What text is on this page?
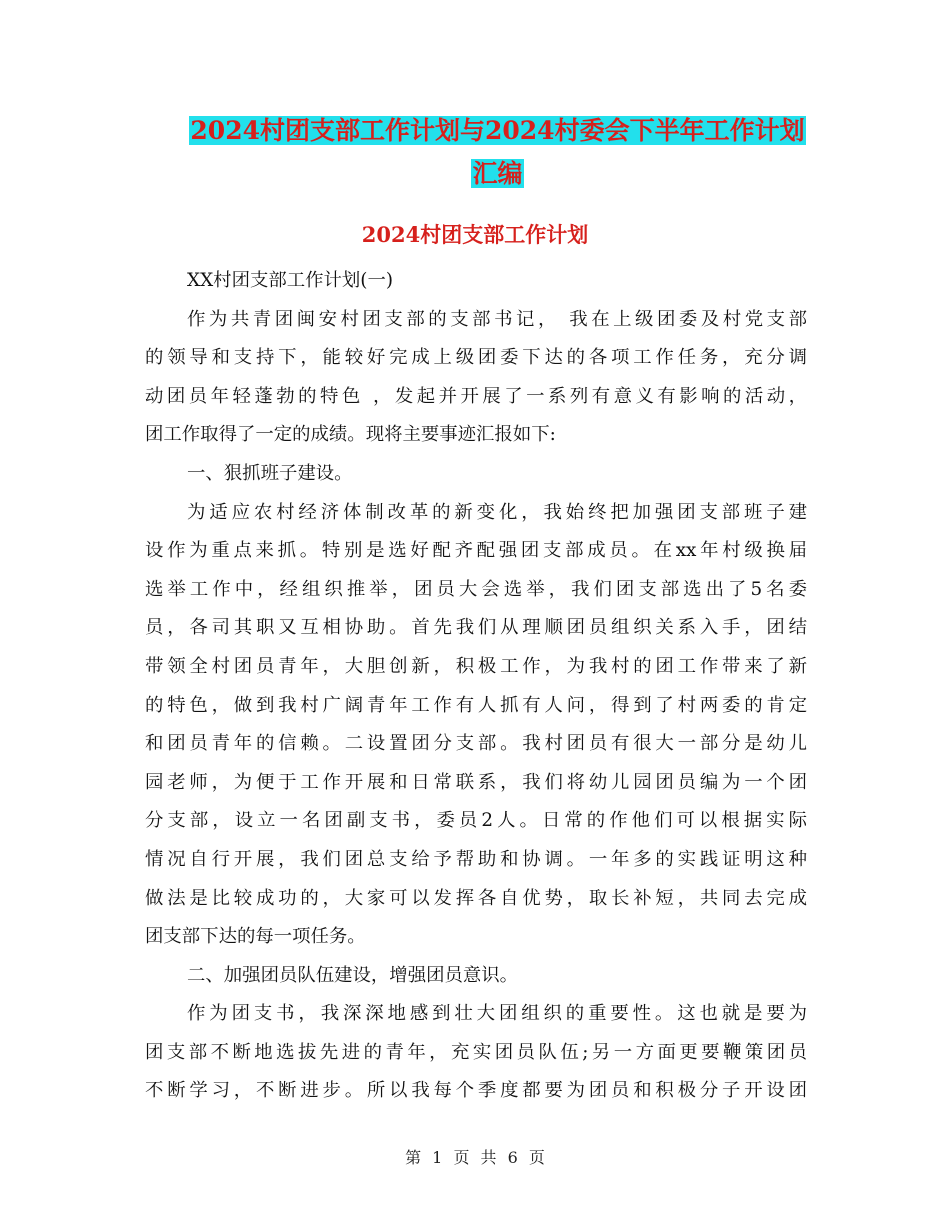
2024村团支部工作计划与2024村委会下半年工作计划
汇编
2024村团支部工作计划
XX村团支部工作计划(一)
作为共青团闽安村团支部的支部书记， 我在上级团委及村党支部
的领导和支持下，能较好完成上级团委下达的各项工作任务，充分调
动团员年轻蓬勃的特色 ，发起并开展了一系列有意义有影响的活动，
团工作取得了一定的成绩。现将主要事迹汇报如下:
一、狠抓班子建设。
为适应农村经济体制改革的新变化，我始终把加强团支部班子建
设作为重点来抓。特别是选好配齐配强团支部成员。在xx年村级换届
选举工作中，经组织推举，团员大会选举，我们团支部选出了5名委
员，各司其职又互相协助。首先我们从理顺团员组织关系入手，团结
带领全村团员青年，大胆创新，积极工作，为我村的团工作带来了新
的特色，做到我村广阔青年工作有人抓有人问，得到了村两委的肯定
和团员青年的信赖。二设置团分支部。我村团员有很大一部分是幼儿
园老师，为便于工作开展和日常联系，我们将幼儿园团员编为一个团
分支部，设立一名团副支书，委员2人。日常的作他们可以根据实际
情况自行开展，我们团总支给予帮助和协调。一年多的实践证明这种
做法是比较成功的，大家可以发挥各自优势，取长补短，共同去完成
团支部下达的每一项任务。
二、加强团员队伍建设，增强团员意识。
作为团支书，我深深地感到壮大团组织的重要性。这也就是要为
团支部不断地选拔先进的青年，充实团员队伍;另一方面更要鞭策团员
不断学习，不断进步。所以我每个季度都要为团员和积极分子开设团
第 1 页 共 6 页
